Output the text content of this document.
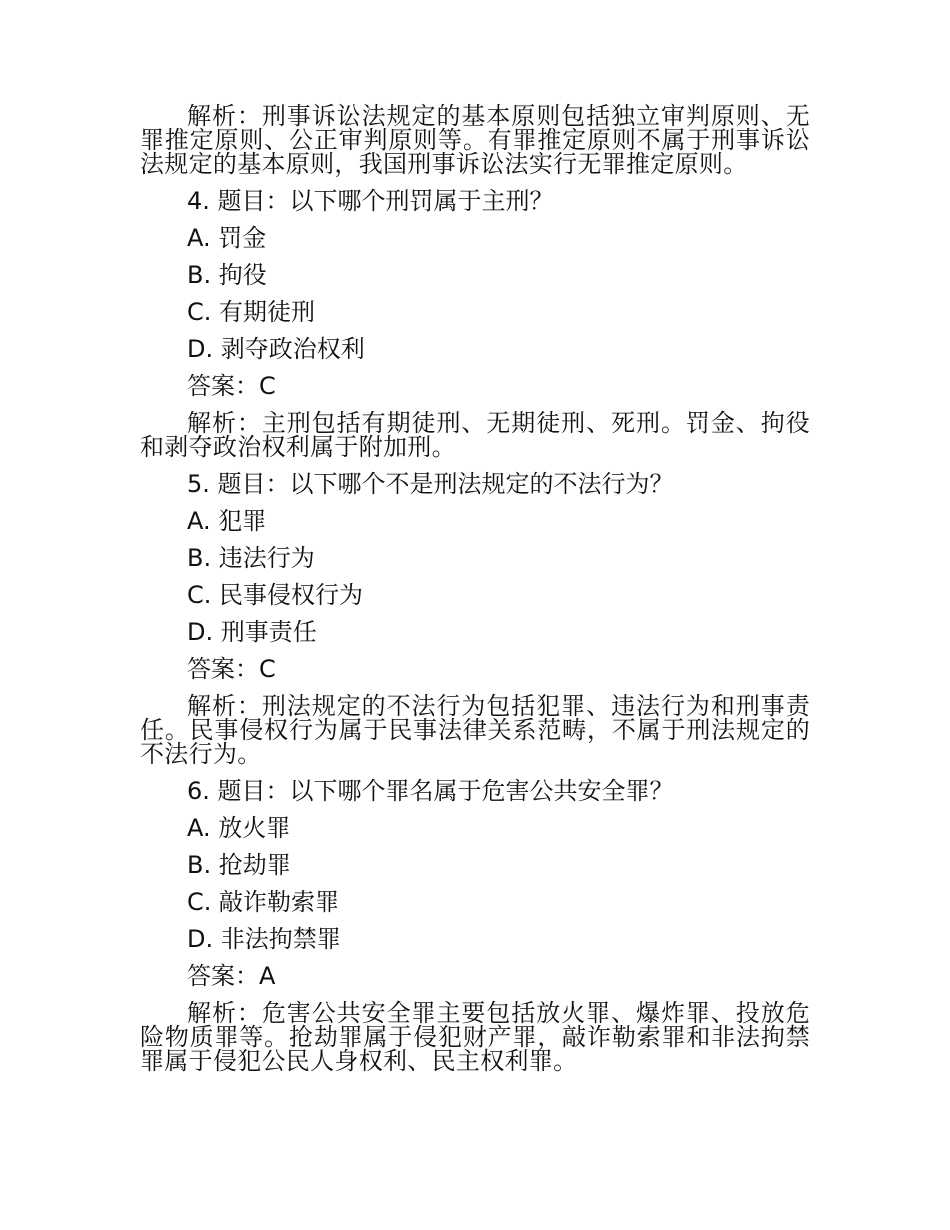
解析：刑事诉讼法规定的基本原则包括独立审判原则、无罪推定原则、公正审判原则等。有罪推定原则不属于刑事诉讼法规定的基本原则，我国刑事诉讼法实行无罪推定原则。

4. 题目：以下哪个刑罚属于主刑？
A. 罚金
B. 拘役
C. 有期徒刑
D. 剥夺政治权利
答案：C

解析：主刑包括有期徒刑、无期徒刑、死刑。罚金、拘役和剥夺政治权利属于附加刑。

5. 题目：以下哪个不是刑法规定的不法行为？
A. 犯罪
B. 违法行为
C. 民事侵权行为
D. 刑事责任
答案：C

解析：刑法规定的不法行为包括犯罪、违法行为和刑事责任。民事侵权行为属于民事法律关系范畴，不属于刑法规定的不法行为。

6. 题目：以下哪个罪名属于危害公共安全罪？
A. 放火罪
B. 抢劫罪
C. 敲诈勒索罪
D. 非法拘禁罪
答案：A

解析：危害公共安全罪主要包括放火罪、爆炸罪、投放危险物质罪等。抢劫罪属于侵犯财产罪，敲诈勒索罪和非法拘禁罪属于侵犯公民人身权利、民主权利罪。
